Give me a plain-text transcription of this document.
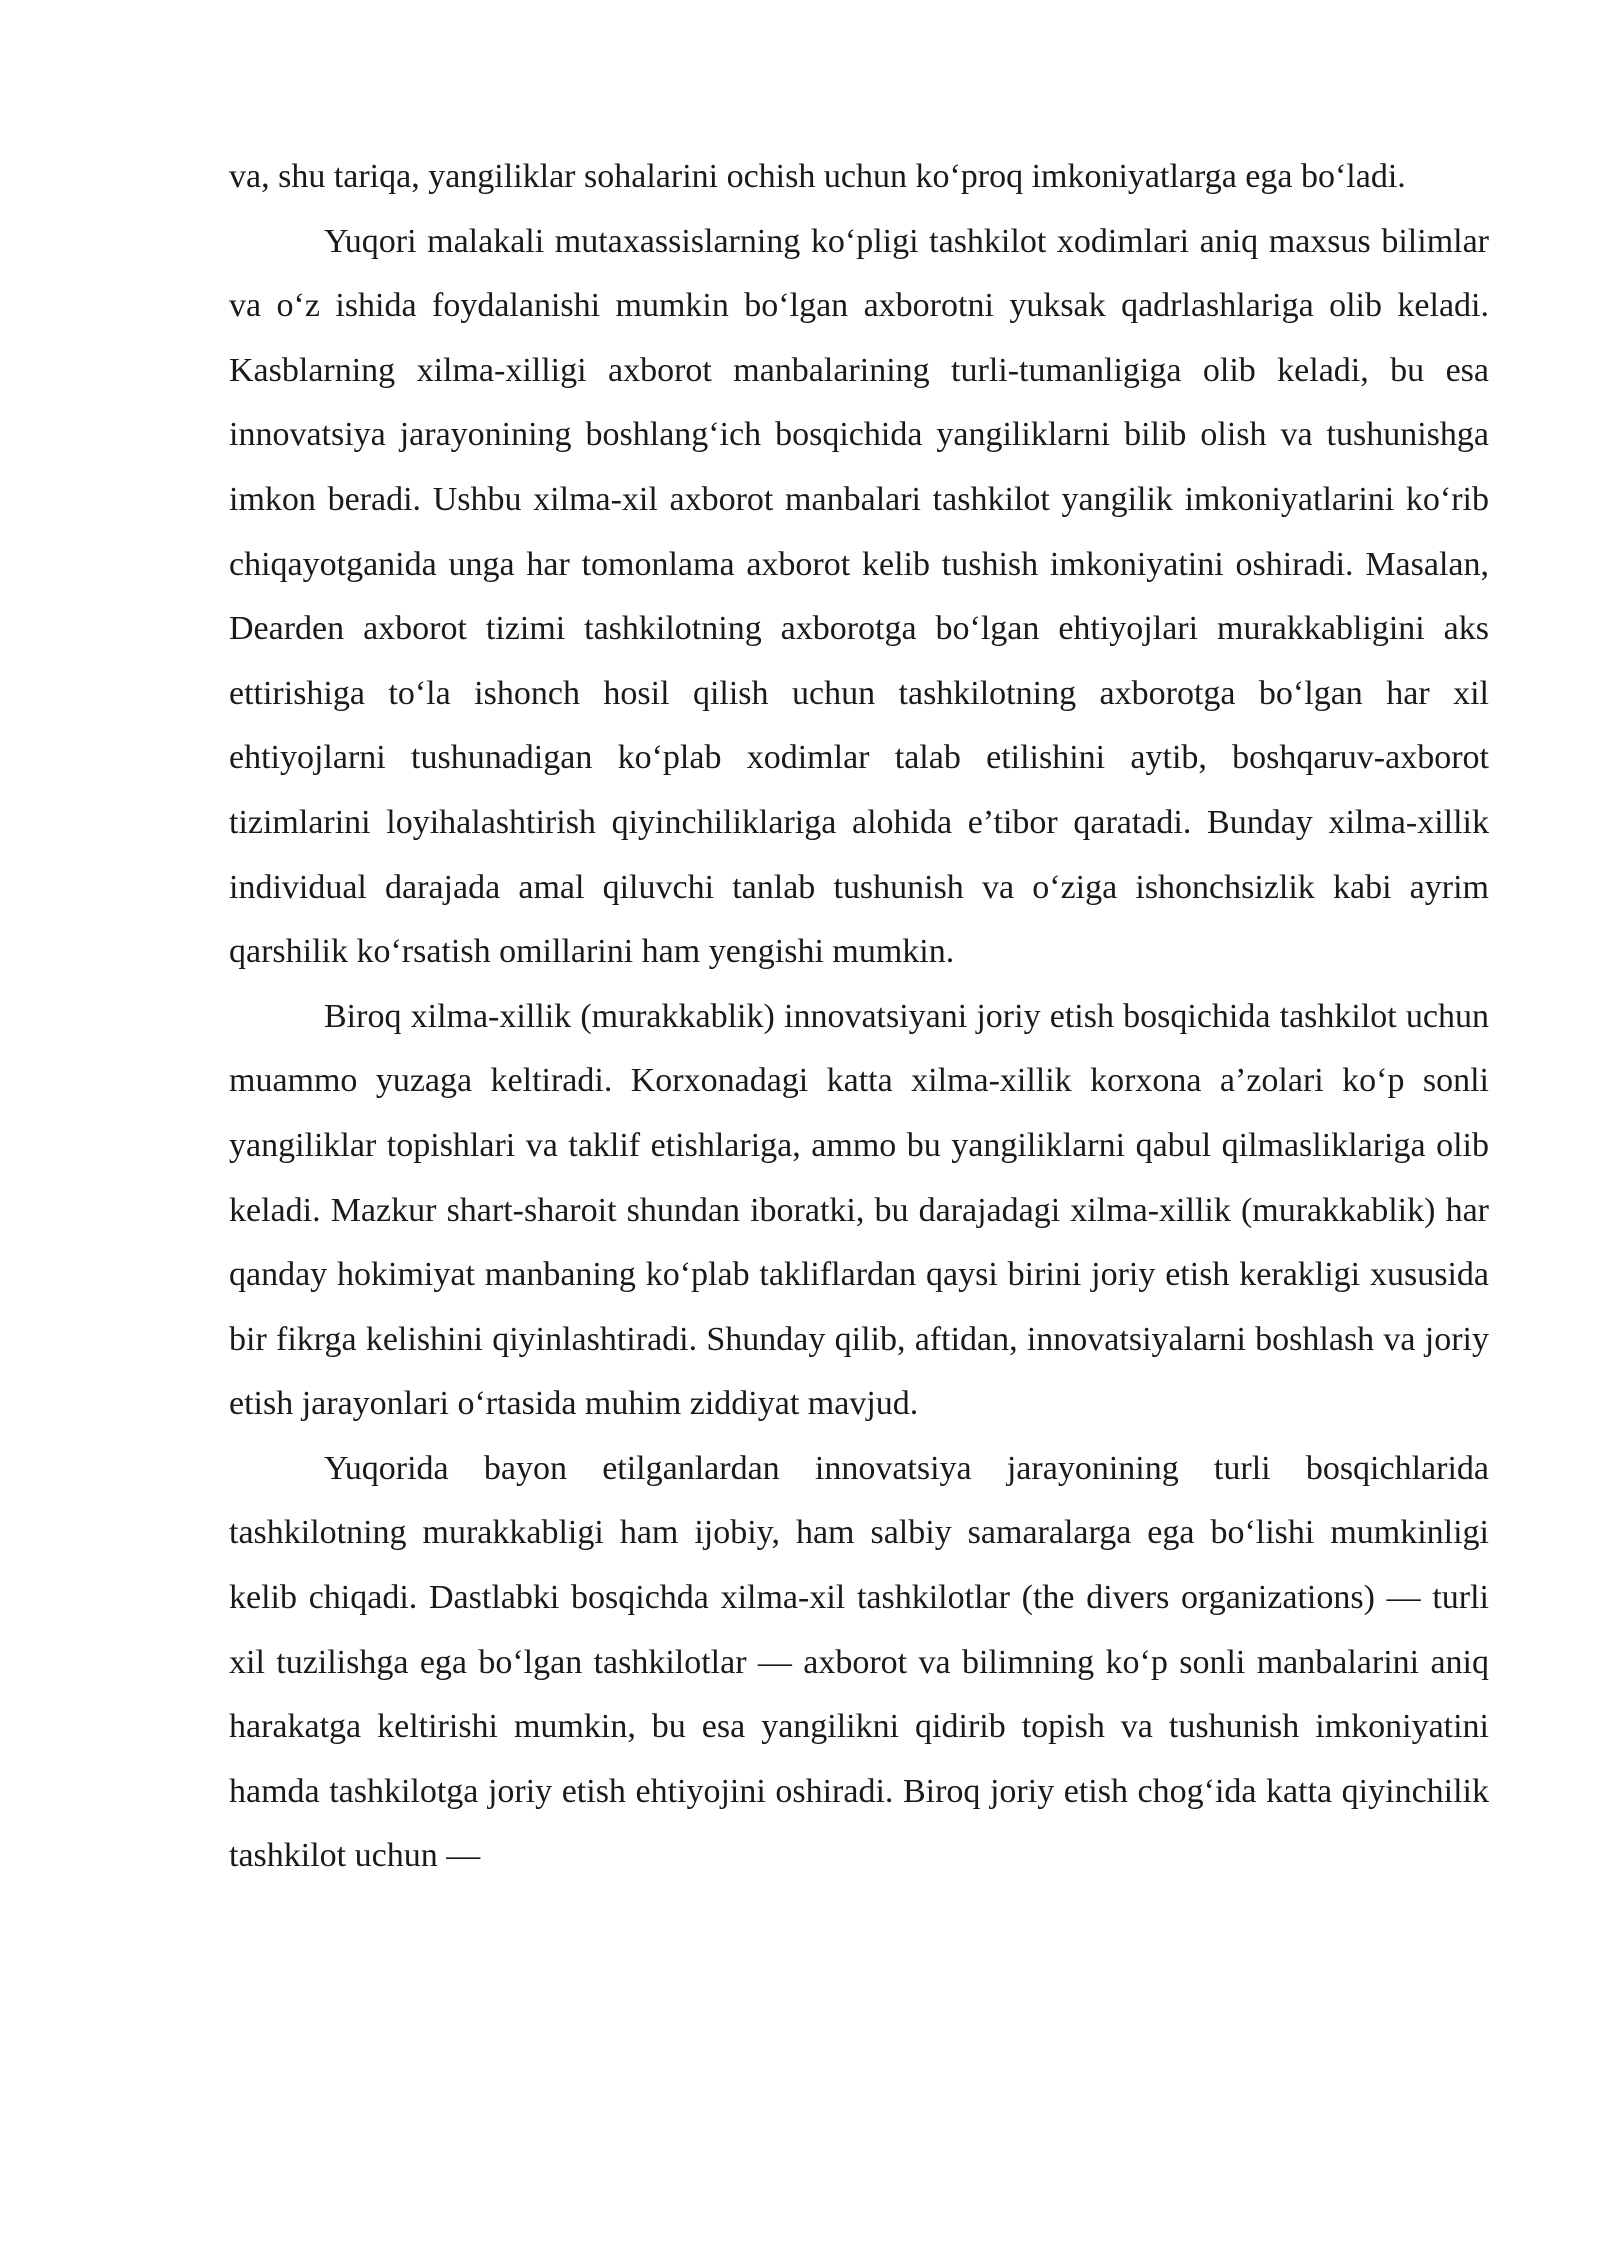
va, shu tariqa, yangiliklar sohalarini ochish uchun ko‘proq imkoniyatlarga ega bo‘ladi.

Yuqori malakali mutaxassislarning ko‘pligi tashkilot xodimlari aniq maxsus bilimlar va o‘z ishida foydalanishi mumkin bo‘lgan axborotni yuksak qadrlashlariga olib keladi. Kasblarning xilma-xilligi axborot manbalarining turli-tumanligiga olib keladi, bu esa innovatsiya jarayonining boshlang‘ich bosqichida yangiliklarni bilib olish va tushunishga imkon beradi. Ushbu xilma-xil axborot manbalari tashkilot yangilik imkoniyatlarini ko‘rib chiqayotganida unga har tomonlama axborot kelib tushish imkoniyatini oshiradi. Masalan, Dearden axborot tizimi tashkilotning axborotga bo‘lgan ehtiyojlari murakkabligini aks ettirishiga to‘la ishonch hosil qilish uchun tashkilotning axborotga bo‘lgan har xil ehtiyojlarni tushunadigan ko‘plab xodimlar talab etilishini aytib, boshqaruv-axborot tizimlarini loyihalashtirish qiyinchiliklariga alohida e’tibor qaratadi. Bunday xilma-xillik individual darajada amal qiluvchi tanlab tushunish va o‘ziga ishonchsizlik kabi ayrim qarshilik ko‘rsatish omillarini ham yengishi mumkin.

Biroq xilma-xillik (murakkablik) innovatsiyani joriy etish bosqichida tashkilot uchun muammo yuzaga keltiradi. Korxonadagi katta xilma-xillik korxona a’zolari ko‘p sonli yangiliklar topishlari va taklif etishlariga, ammo bu yangiliklarni qabul qilmasliklariga olib keladi. Mazkur shart-sharoit shundan iboratki, bu darajadagi xilma-xillik (murakkablik) har qanday hokimiyat manbaning ko‘plab takliflardan qaysi birini joriy etish kerakligi xususida bir fikrga kelishini qiyinlashtiradi. Shunday qilib, aftidan, innovatsiyalarni boshlash va joriy etish jarayonlari o‘rtasida muhim ziddiyat mavjud.

Yuqorida bayon etilganlardan innovatsiya jarayonining turli bosqichlarida tashkilotning murakkabligi ham ijobiy, ham salbiy samaralarga ega bo‘lishi mumkinligi kelib chiqadi. Dastlabki bosqichda xilma-xil tashkilotlar (the divers organizations) — turli xil tuzilishga ega bo‘lgan tashkilotlar — axborot va bilimning ko‘p sonli manbalarini aniq harakatga keltirishi mumkin, bu esa yangilikni qidirib topish va tushunish imkoniyatini hamda tashkilotga joriy etish ehtiyojini oshiradi. Biroq joriy etish chog‘ida katta qiyinchilik tashkilot uchun —
